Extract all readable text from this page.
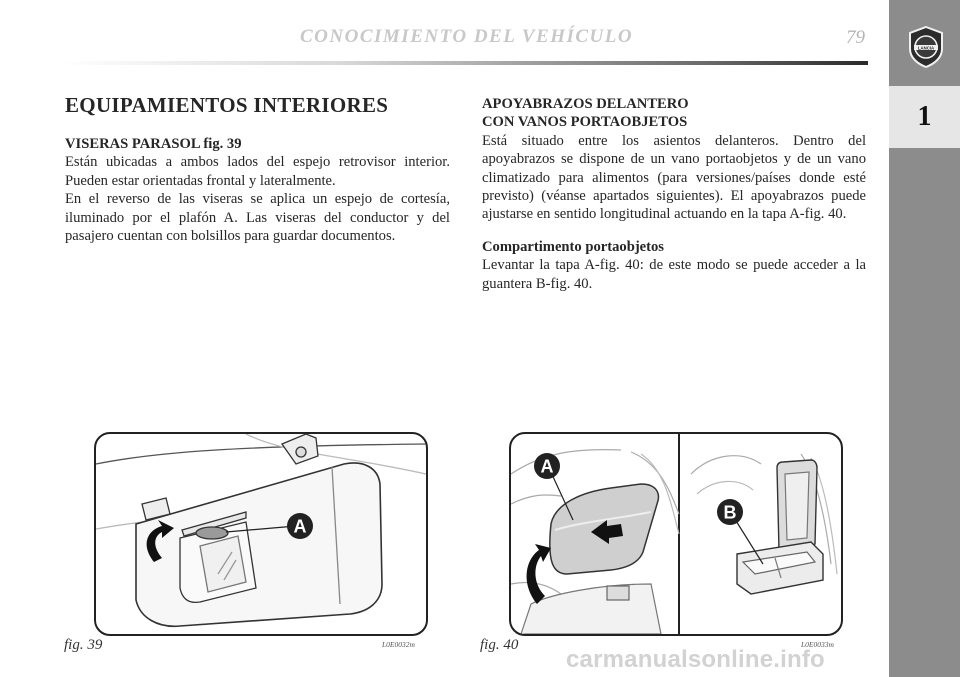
CONOCIMIENTO DEL VEHÍCULO	79	LANCIA
1
EQUIPAMIENTOS INTERIORES

VISERAS PARASOL fig. 39

Están ubicadas a ambos lados del espejo retrovisor interior. Pueden estar orientadas frontal y lateralmente.

En el reverso de las viseras se aplica un espejo de cortesía, iluminado por el plafón A. Las viseras del conductor y del pasajero cuentan con bolsillos para guardar documentos.

APOYABRAZOS DELANTERO

CON VANOS PORTAOBJETOS

Está situado entre los asientos delanteros. Dentro del apoyabrazos se dispone de un vano portaobjetos y de un vano climatizado para alimentos (para versiones/países donde esté previsto) (véanse apartados siguientes). El apoyabrazos puede ajustarse en sentido longitudinal actuando en la tapa A-fig. 40.

Compartimento portaobjetos

Levantar la tapa A-fig. 40: de este modo se puede acceder a la guantera B-fig. 40.

A
A
B
fig. 39	L0E0032m	fig. 40	L0E0033m
carmanualsonline.info
